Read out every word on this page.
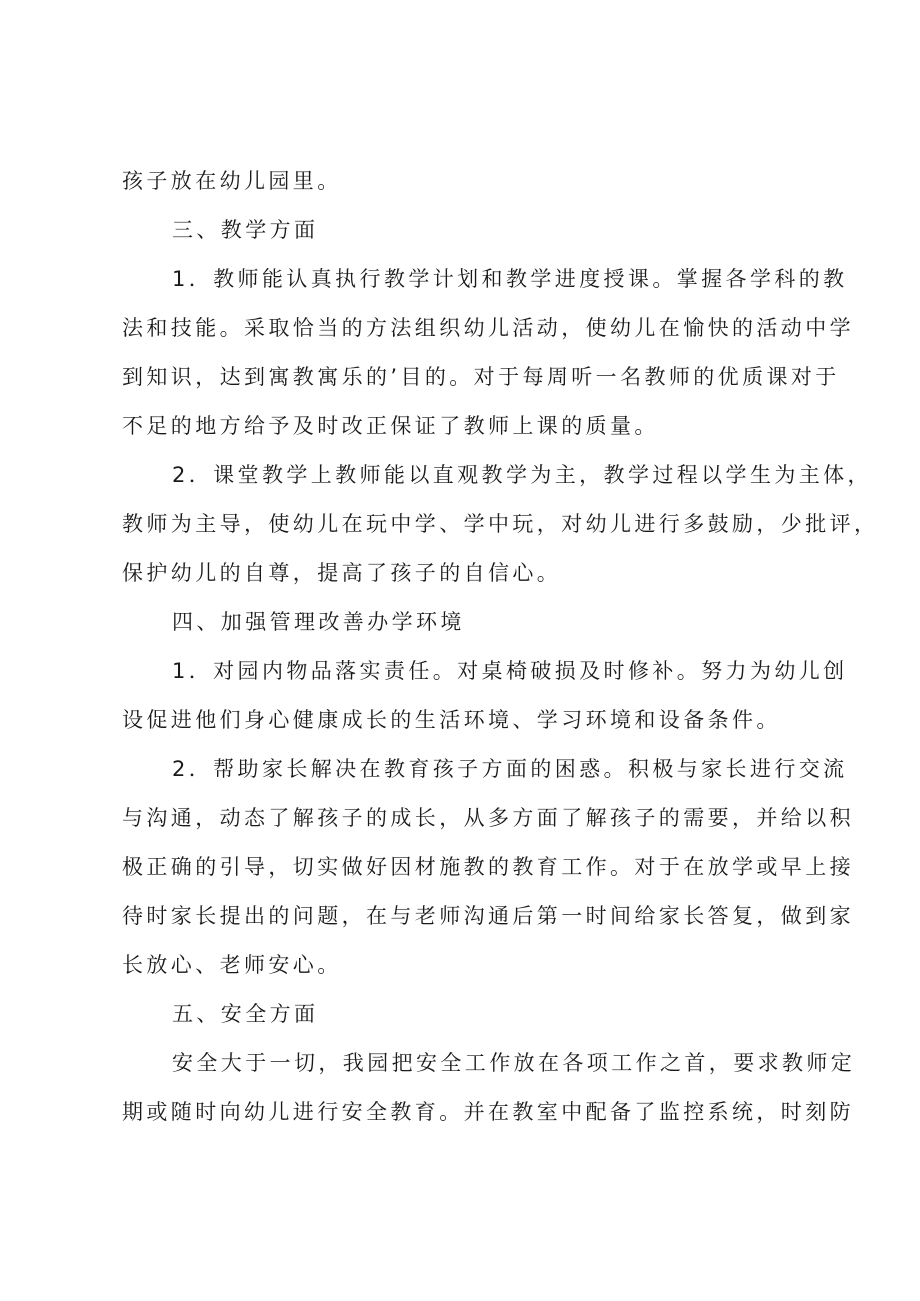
孩子放在幼儿园里。
三、教学方面
1．教师能认真执行教学计划和教学进度授课。掌握各学科的教
法和技能。采取恰当的方法组织幼儿活动，使幼儿在愉快的活动中学
到知识，达到寓教寓乐的’目的。对于每周听一名教师的优质课对于
不足的地方给予及时改正保证了教师上课的质量。
2．课堂教学上教师能以直观教学为主，教学过程以学生为主体，
教师为主导，使幼儿在玩中学、学中玩，对幼儿进行多鼓励，少批评，
保护幼儿的自尊，提高了孩子的自信心。
四、加强管理改善办学环境
1．对园内物品落实责任。对桌椅破损及时修补。努力为幼儿创
设促进他们身心健康成长的生活环境、学习环境和设备条件。
2．帮助家长解决在教育孩子方面的困惑。积极与家长进行交流
与沟通，动态了解孩子的成长，从多方面了解孩子的需要，并给以积
极正确的引导，切实做好因材施教的教育工作。对于在放学或早上接
待时家长提出的问题，在与老师沟通后第一时间给家长答复，做到家
长放心、老师安心。
五、安全方面
安全大于一切，我园把安全工作放在各项工作之首，要求教师定
期或随时向幼儿进行安全教育。并在教室中配备了监控系统，时刻防
